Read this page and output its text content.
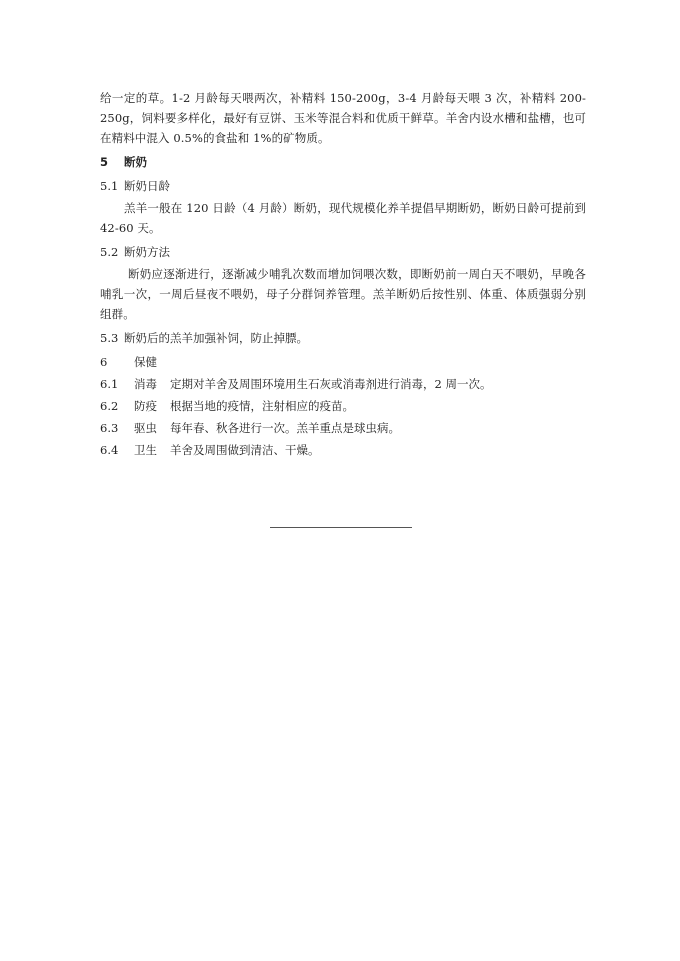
给一定的草。1-2 月龄每天喂两次，补精料 150-200g，3-4 月龄每天喂 3 次，补精料 200-250g，饲料要多样化，最好有豆饼、玉米等混合料和优质干鲜草。羊舍内设水槽和盐槽，也可在精料中混入 0.5%的食盐和 1%的矿物质。

5 断奶

5.1 断奶日龄

羔羊一般在 120 日龄（4 月龄）断奶，现代规模化养羊提倡早期断奶，断奶日龄可提前到 42-60 天。

5.2 断奶方法

断奶应逐渐进行，逐渐减少哺乳次数而增加饲喂次数，即断奶前一周白天不喂奶，早晚各哺乳一次，一周后昼夜不喂奶，母子分群饲养管理。羔羊断奶后按性别、体重、体质强弱分别组群。

5.3 断奶后的羔羊加强补饲，防止掉膘。

6 保健

6.1 消毒 定期对羊舍及周围环境用生石灰或消毒剂进行消毒，2 周一次。

6.2 防疫 根据当地的疫情，注射相应的疫苗。

6.3 驱虫 每年春、秋各进行一次。羔羊重点是球虫病。

6.4 卫生 羊舍及周围做到清洁、干燥。
